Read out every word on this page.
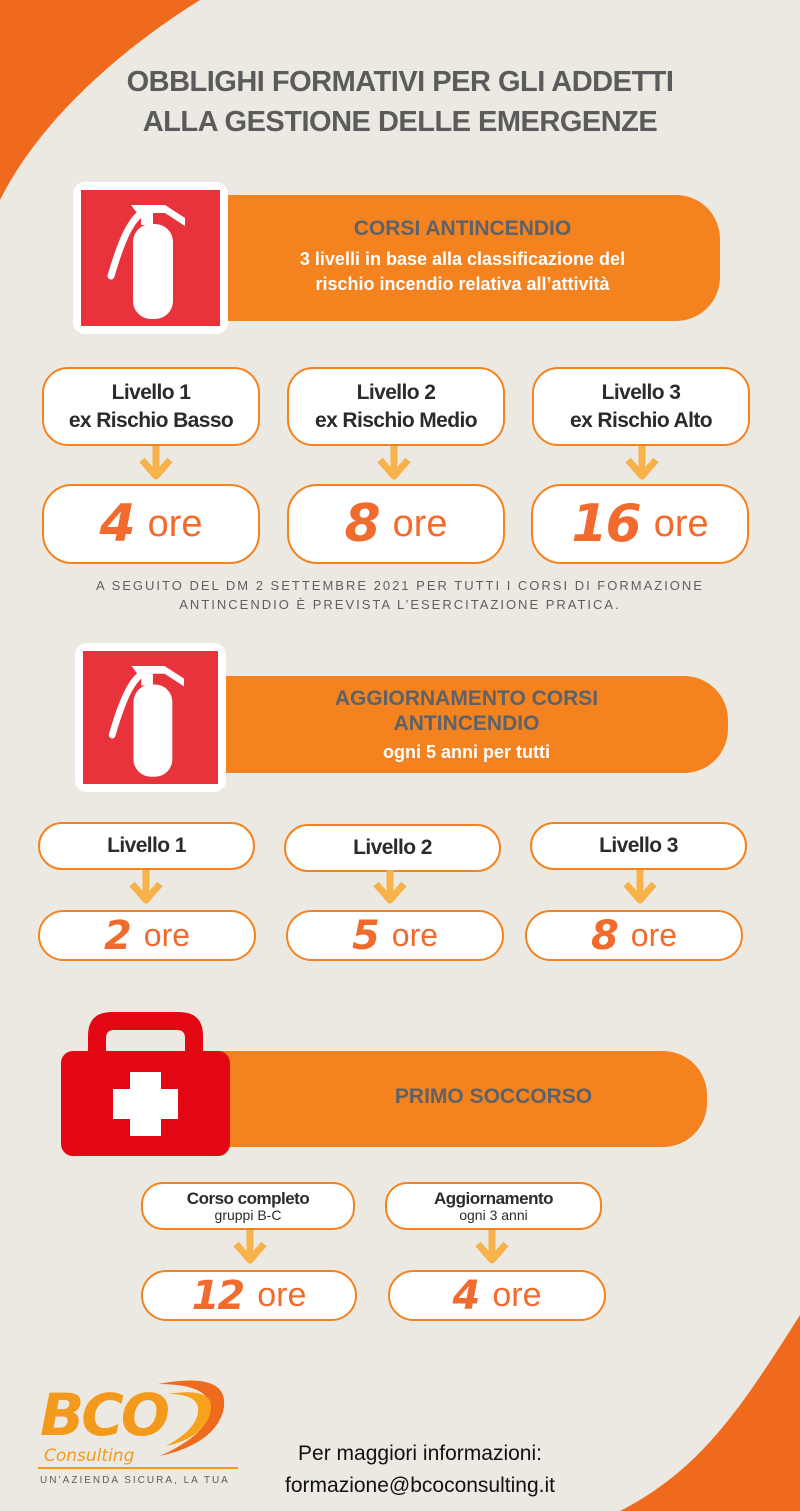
OBBLIGHI FORMATIVI PER GLI ADDETTI
ALLA GESTIONE DELLE EMERGENZE
CORSI ANTINCENDIO
3 livelli in base alla classificazione del
rischio incendio relativa all’attività
Livello 1
ex Rischio Basso
Livello 2
ex Rischio Medio
Livello 3
ex Rischio Alto
4 ore	8 ore 16 ore
A SEGUITO DEL DM 2 SETTEMBRE 2021 PER TUTTI I CORSI DI FORMAZIONE
ANTINCENDIO È PREVISTA L’ESERCITAZIONE PRATICA.
AGGIORNAMENTO CORSI
ANTINCENDIO
ogni 5 anni per tutti
Livello 1	Livello 2	Livello 3
2 ore	5 ore	8 ore
PRIMO SOCCORSO
Corso completo
gruppi B-C
Aggiornamento
ogni 3 anni
12 ore	4 ore
BCO
Consulting
UN’AZIENDA SICURA, LA TUA
Per maggiori informazioni:
formazione@bcoconsulting.it
